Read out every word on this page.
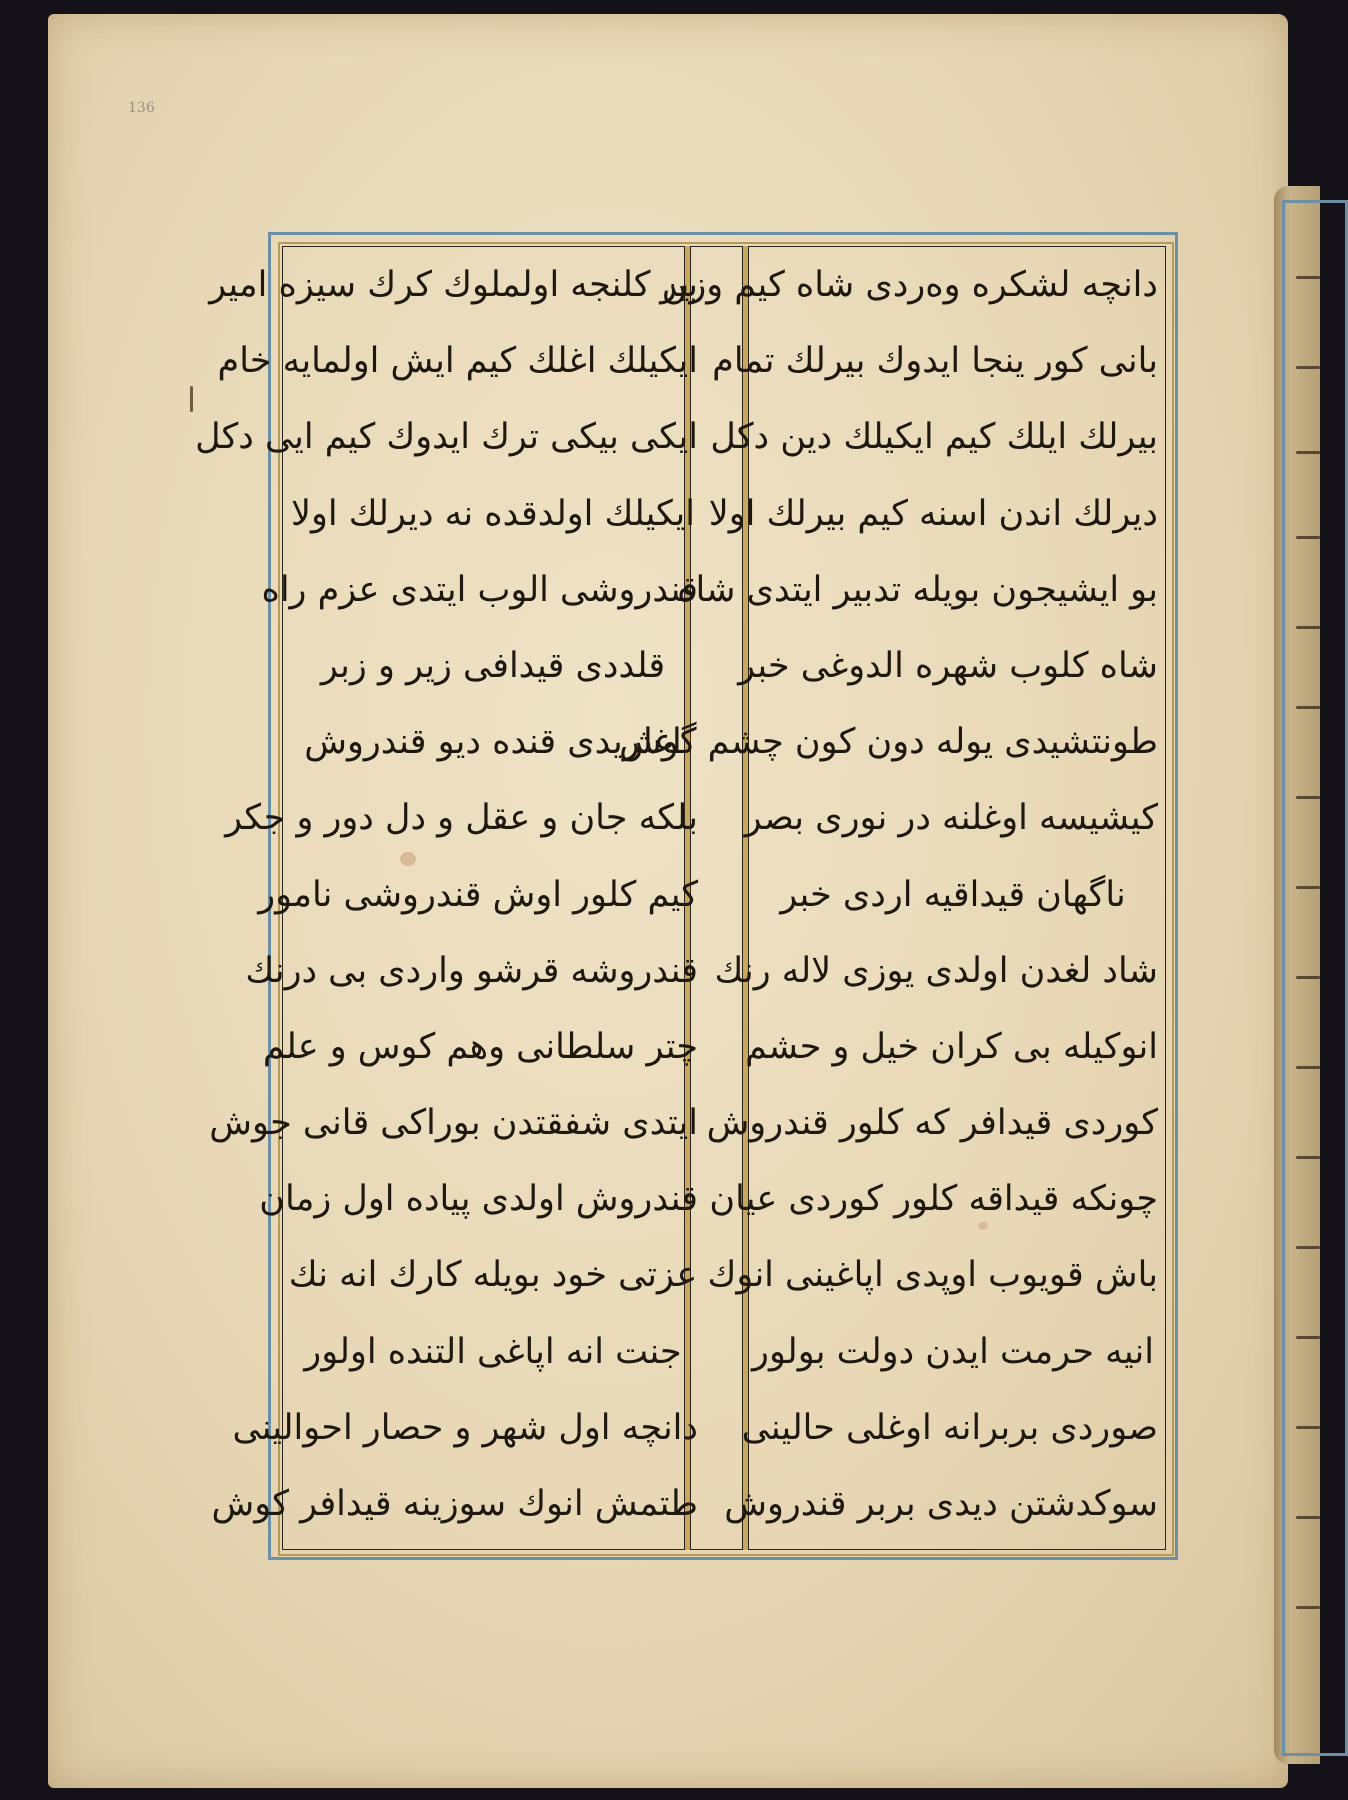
136
دانچه لشکره وه‌ردی شاه کیم وزیر
بانی کور ینجا ایدوك بیرلك تمام
بیرلك ایلك کیم ایکیلك دین دکل
دیرلك اندن اسنه کیم بیرلك اولا
بو ایشیجون بویله تدبیر ایتدی شاه
شاه کلوب شهره الدوغی خبر
طونتشیدی یوله دون کون چشم گوش
کیشیسه اوغلنه در نوری بصر
ناگهان قیداقیه اردی خبر
شاد لغدن اولدی یوزی لاله رنك
انوکیله بی کران خیل و حشم
کوردی قیدافر که کلور قندروش
چونکه قیداقه کلور کوردی عیان
باش قویوب اوپدی اپاغینی انوك
انیه حرمت ایدن دولت بولور
صوردی بربرانه اوغلی حالینی
سوکدشتن دیدی بربر قندروش
بن کلنجه اولملوك کرك سیزه امیر
ایکیلك اغلك کیم ایش اولمایه خام
ایکی بیکی ترك ایدوك کیم ایی دکل
ایکیلك اولدقده نه دیرلك اولا
قندروشی الوب ایتدی عزم راه
قلددی قیدافی زیر و زبر
اغلریدی قنده دیو قندروش
بلکه جان و عقل و دل دور و جکر
کیم کلور اوش قندروشی نامور
قندروشه قرشو واردی بی درنك
چتر سلطانی وهم کوس و علم
ایتدی شفقتدن بوراکی قانی جوش
قندروش اولدی پیاده اول زمان
عزتی خود بویله کارك انه نك
جنت انه اپاغی التنده اولور
دانچه اول شهر و حصار احوالینی
طتمش انوك سوزینه قیدافر کوش
